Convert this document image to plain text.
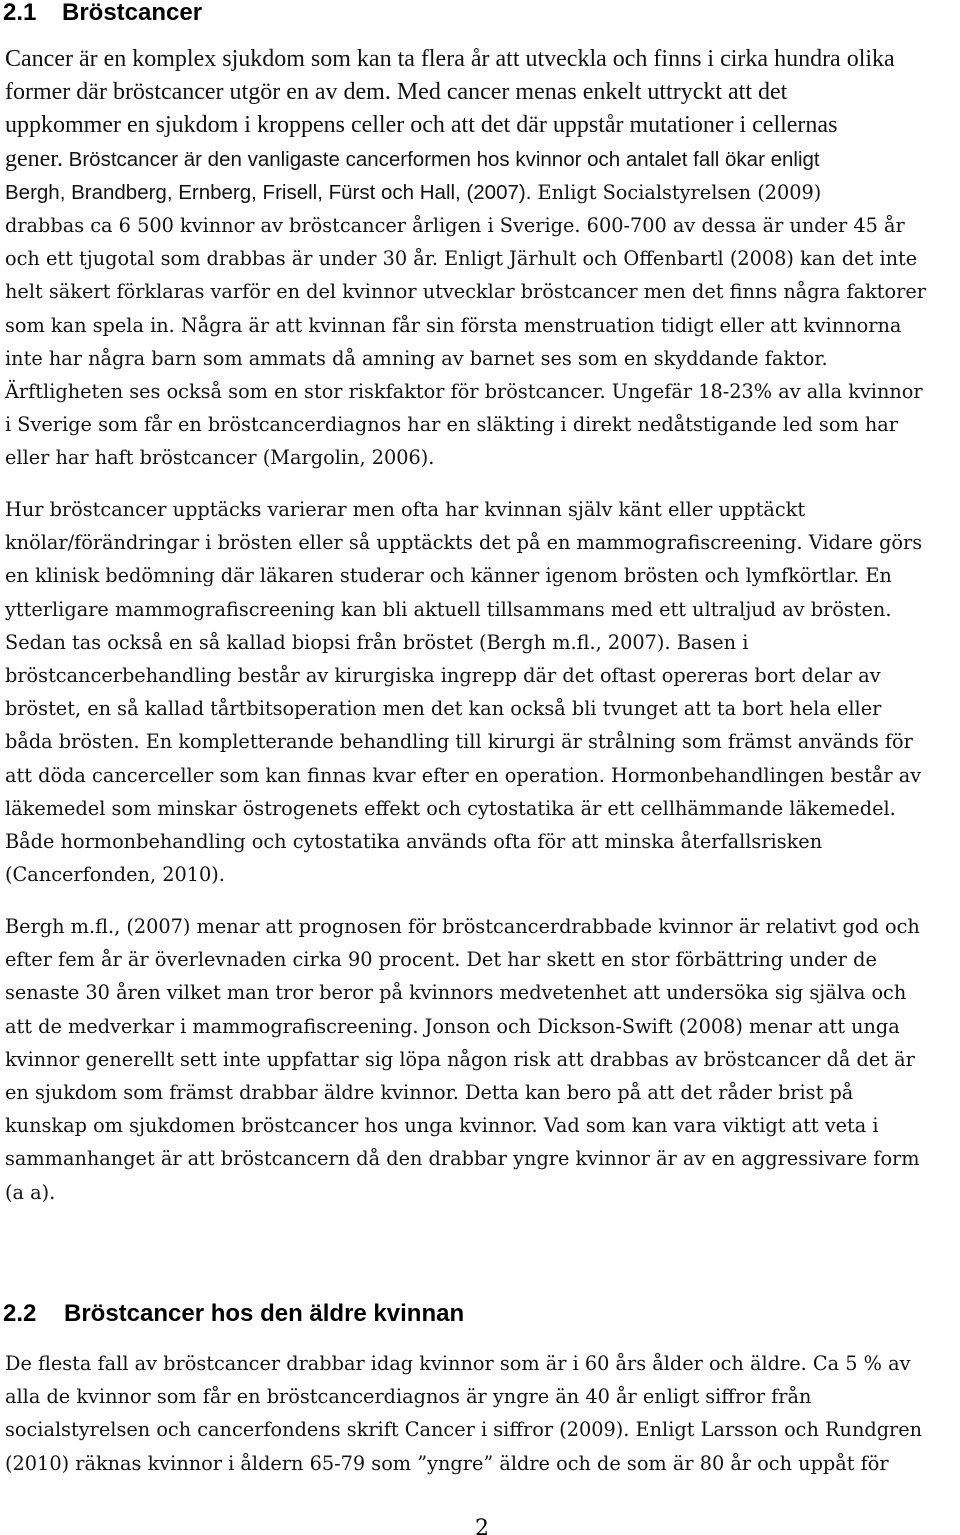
2.1 Bröstcancer
Cancer är en komplex sjukdom som kan ta flera år att utveckla och finns i cirka hundra olika
former där bröstcancer utgör en av dem. Med cancer menas enkelt uttryckt att det
uppkommer en sjukdom i kroppens celler och att det där uppstår mutationer i cellernas
gener. Bröstcancer är den vanligaste cancerformen hos kvinnor och antalet fall ökar enligt
Bergh, Brandberg, Ernberg, Frisell, Fürst och Hall, (2007). Enligt Socialstyrelsen (2009)
drabbas ca 6 500 kvinnor av bröstcancer årligen i Sverige. 600-700 av dessa är under 45 år
och ett tjugotal som drabbas är under 30 år. Enligt Järhult och Offenbartl (2008) kan det inte
helt säkert förklaras varför en del kvinnor utvecklar bröstcancer men det finns några faktorer
som kan spela in. Några är att kvinnan får sin första menstruation tidigt eller att kvinnorna
inte har några barn som ammats då amning av barnet ses som en skyddande faktor.
Ärftligheten ses också som en stor riskfaktor för bröstcancer. Ungefär 18-23% av alla kvinnor
i Sverige som får en bröstcancerdiagnos har en släkting i direkt nedåtstigande led som har
eller har haft bröstcancer (Margolin, 2006).
Hur bröstcancer upptäcks varierar men ofta har kvinnan själv känt eller upptäckt
knölar/förändringar i brösten eller så upptäckts det på en mammografiscreening. Vidare görs
en klinisk bedömning där läkaren studerar och känner igenom brösten och lymfkörtlar. En
ytterligare mammografiscreening kan bli aktuell tillsammans med ett ultraljud av brösten.
Sedan tas också en så kallad biopsi från bröstet (Bergh m.fl., 2007). Basen i
bröstcancerbehandling består av kirurgiska ingrepp där det oftast opereras bort delar av
bröstet, en så kallad tårtbitsoperation men det kan också bli tvunget att ta bort hela eller
båda brösten. En kompletterande behandling till kirurgi är strålning som främst används för
att döda cancerceller som kan finnas kvar efter en operation. Hormonbehandlingen består av
läkemedel som minskar östrogenets effekt och cytostatika är ett cellhämmande läkemedel.
Både hormonbehandling och cytostatika används ofta för att minska återfallsrisken
(Cancerfonden, 2010).
Bergh m.fl., (2007) menar att prognosen för bröstcancerdrabbade kvinnor är relativt god och
efter fem år är överlevnaden cirka 90 procent. Det har skett en stor förbättring under de
senaste 30 åren vilket man tror beror på kvinnors medvetenhet att undersöka sig själva och
att de medverkar i mammografiscreening. Jonson och Dickson-Swift (2008) menar att unga
kvinnor generellt sett inte uppfattar sig löpa någon risk att drabbas av bröstcancer då det är
en sjukdom som främst drabbar äldre kvinnor. Detta kan bero på att det råder brist på
kunskap om sjukdomen bröstcancer hos unga kvinnor. Vad som kan vara viktigt att veta i
sammanhanget är att bröstcancern då den drabbar yngre kvinnor är av en aggressivare form
(a a).
2.2 Bröstcancer hos den äldre kvinnan
De flesta fall av bröstcancer drabbar idag kvinnor som är i 60 års ålder och äldre. Ca 5 % av
alla de kvinnor som får en bröstcancerdiagnos är yngre än 40 år enligt siffror från
socialstyrelsen och cancerfondens skrift Cancer i siffror (2009). Enligt Larsson och Rundgren
(2010) räknas kvinnor i åldern 65-79 som ”yngre” äldre och de som är 80 år och uppåt för
2
